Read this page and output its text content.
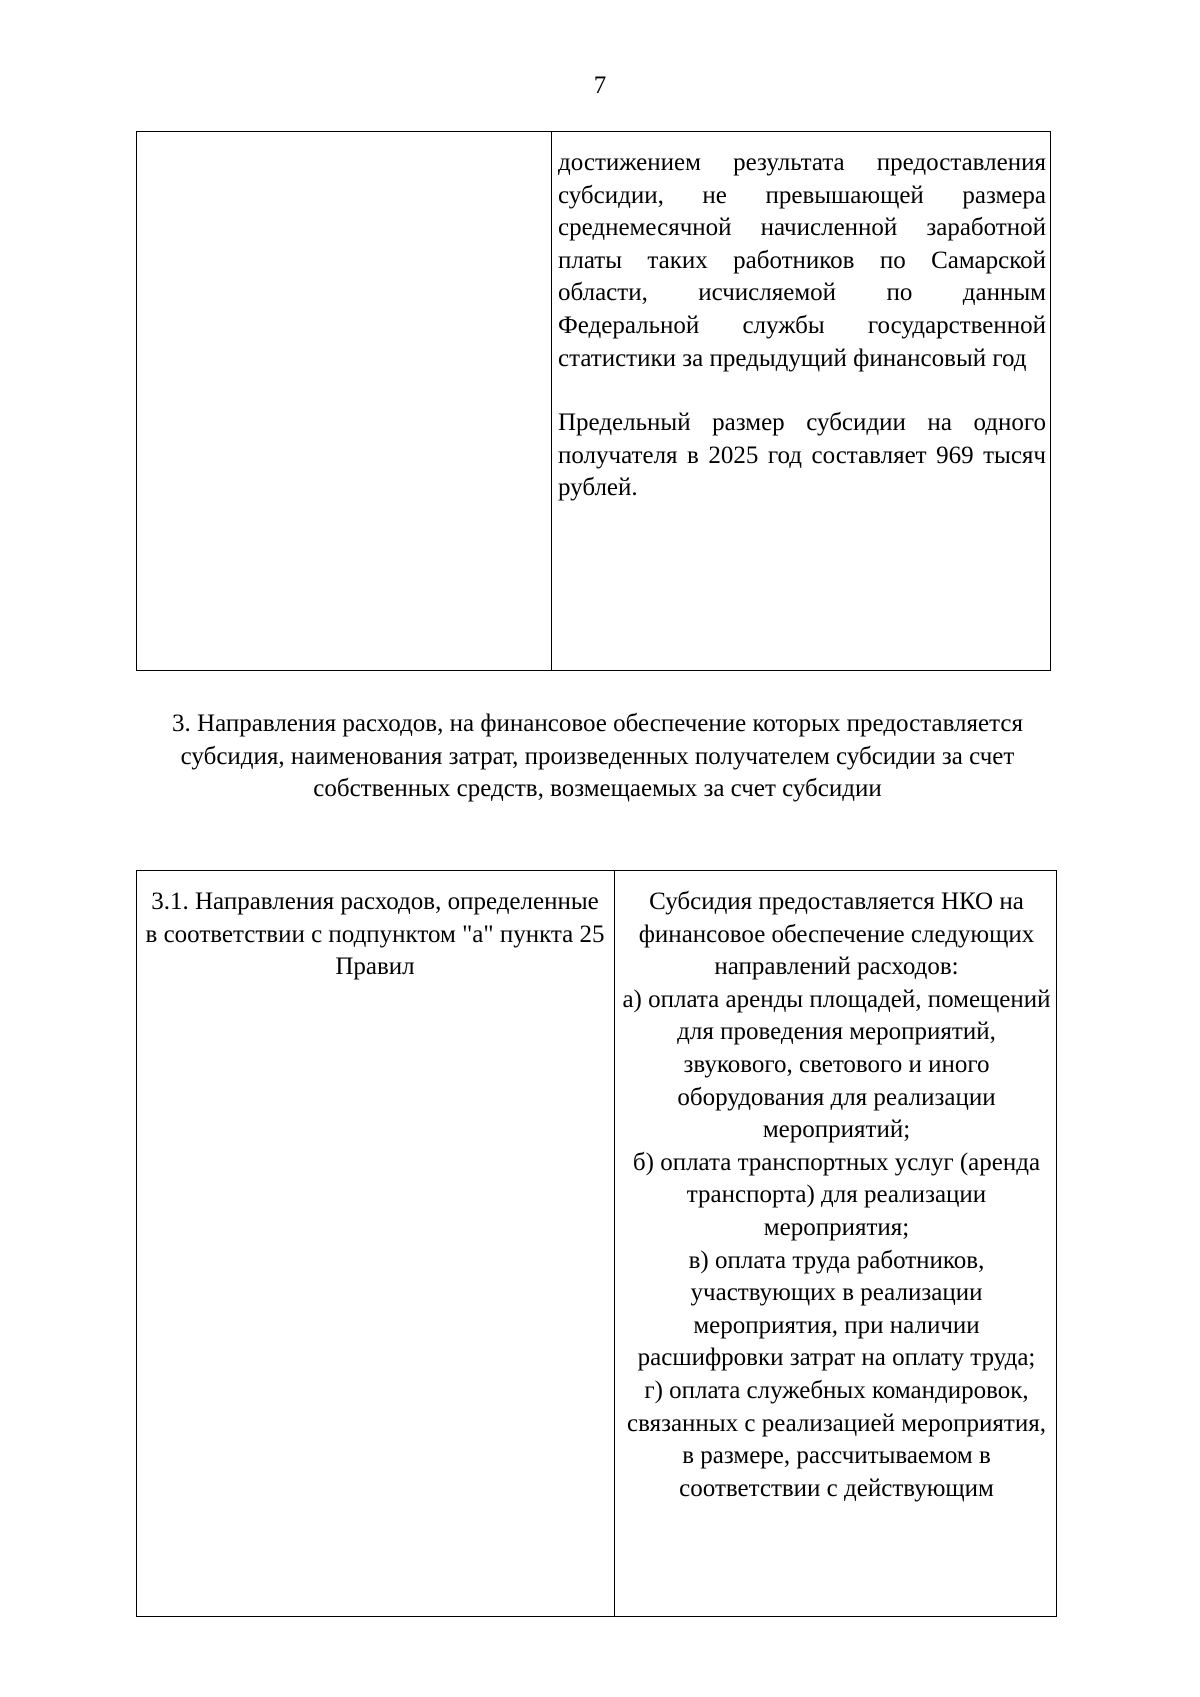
7

достижением результата предоставления субсидии, не превышающей размера среднемесячной начисленной заработной платы таких работников по Самарской области, исчисляемой по данным Федеральной службы государственной статистики за предыдущий финансовый год

Предельный размер субсидии на одного получателя в 2025 год составляет 969 тысяч рублей.

3. Направления расходов, на финансовое обеспечение которых предоставляется субсидия, наименования затрат, произведенных получателем субсидии за счет собственных средств, возмещаемых за счет субсидии

3.1. Направления расходов, определенные в соответствии с подпунктом "а" пункта 25 Правил
Субсидия предоставляется НКО на финансовое обеспечение следующих направлений расходов:
а) оплата аренды площадей, помещений для проведения мероприятий, звукового, светового и иного оборудования для реализации мероприятий;
б) оплата транспортных услуг (аренда транспорта) для реализации мероприятия;
в) оплата труда работников, участвующих в реализации мероприятия, при наличии расшифровки затрат на оплату труда;
г) оплата служебных командировок, связанных с реализацией мероприятия, в размере, рассчитываемом в соответствии с действующим
